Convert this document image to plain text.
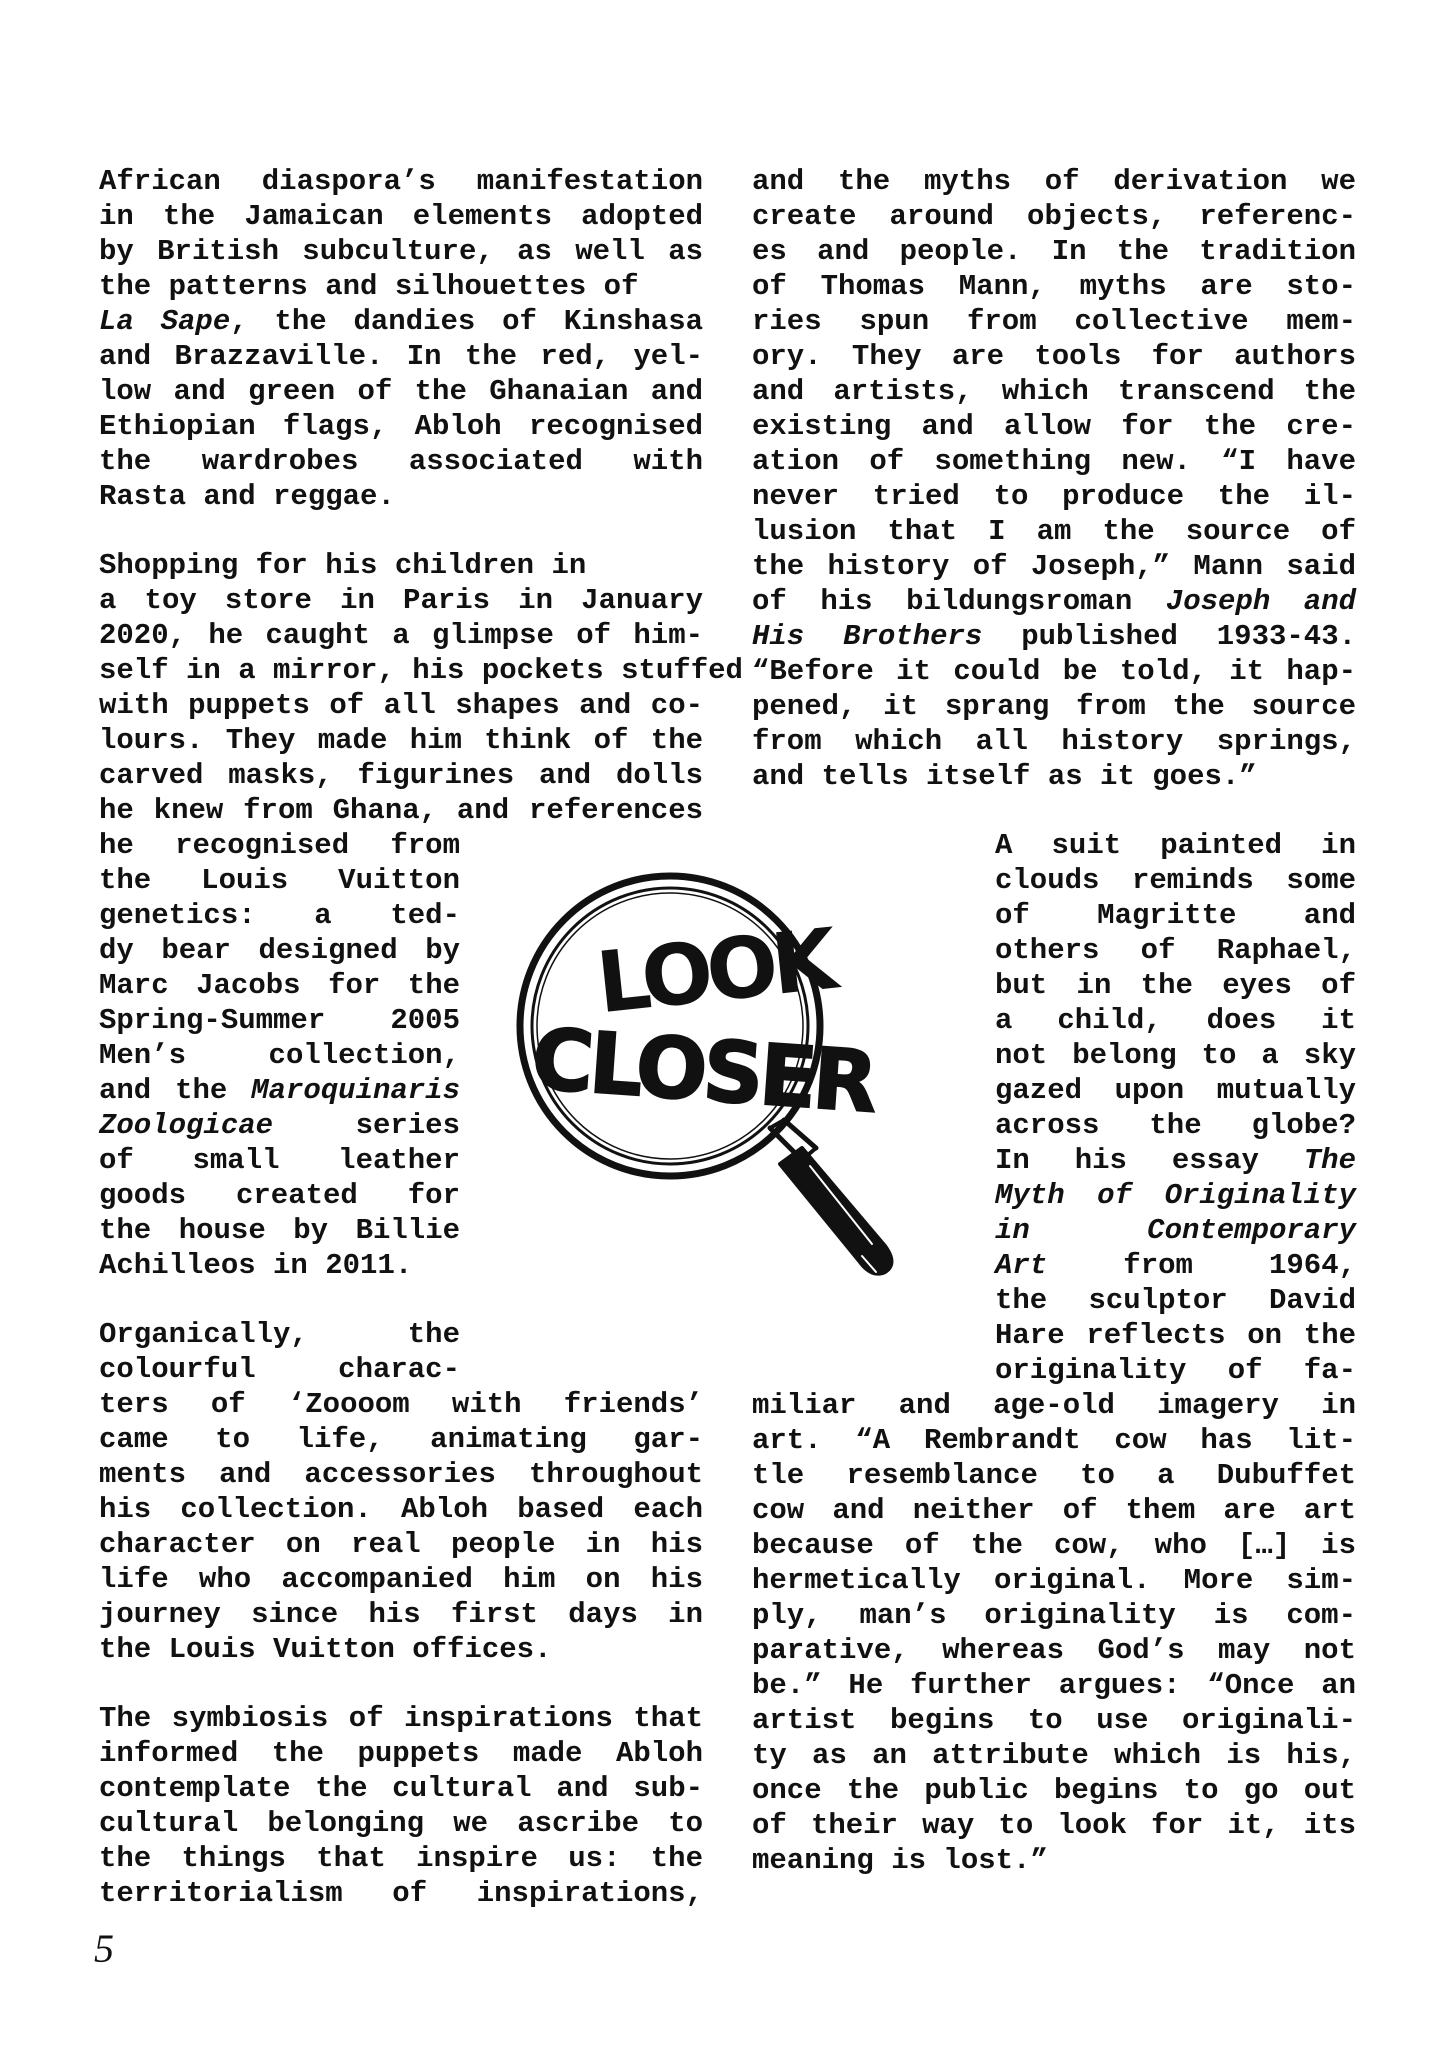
African diaspora’s manifestation
in the Jamaican elements adopted
by British subculture, as well as
the patterns and silhouettes of
La Sape, the dandies of Kinshasa
and Brazzaville. In the red, yel-
low and green of the Ghanaian and
Ethiopian flags, Abloh recognised
the wardrobes associated with
Rasta and reggae.
Shopping for his children in
a toy store in Paris in January
2020, he caught a glimpse of him-
self in a mirror, his pockets stuffed
with puppets of all shapes and co-
lours. They made him think of the
carved masks, figurines and dolls
he knew from Ghana, and references
he recognised from
the Louis Vuitton
genetics: a ted-
dy bear designed by
Marc Jacobs for the
Spring-Summer 2005
Men’s collection,
and the Maroquinaris
Zoologicae series
of small leather
goods created for
the house by Billie
Achilleos in 2011.
Organically, the
colourful charac-
ters of ‘Zoooom with friends’
came to life, animating gar-
ments and accessories throughout
his collection. Abloh based each
character on real people in his
life who accompanied him on his
journey since his first days in
the Louis Vuitton offices.
The symbiosis of inspirations that
informed the puppets made Abloh
contemplate the cultural and sub-
cultural belonging we ascribe to
the things that inspire us: the
territorialism of inspirations,
and the myths of derivation we
create around objects, referenc-
es and people. In the tradition
of Thomas Mann, myths are sto-
ries spun from collective mem-
ory. They are tools for authors
and artists, which transcend the
existing and allow for the cre-
ation of something new. “I have
never tried to produce the il-
lusion that I am the source of
the history of Joseph,” Mann said
of his bildungsroman Joseph and
His Brothers published 1933-43.
“Before it could be told, it hap-
pened, it sprang from the source
from which all history springs,
and tells itself as it goes.”
A suit painted in
clouds reminds some
of Magritte and
others of Raphael,
but in the eyes of
a child, does it
not belong to a sky
gazed upon mutually
across the globe?
In his essay The
Myth of Originality
in Contemporary
Art from 1964,
the sculptor David
Hare reflects on the
originality of fa-
miliar and age-old imagery in
art. “A Rembrandt cow has lit-
tle resemblance to a Dubuffet
cow and neither of them are art
because of the cow, who […] is
hermetically original. More sim-
ply, man’s originality is com-
parative, whereas God’s may not
be.” He further argues: “Once an
artist begins to use originali-
ty as an attribute which is his,
once the public begins to go out
of their way to look for it, its
meaning is lost.”
LOOK
CLOSER
5
